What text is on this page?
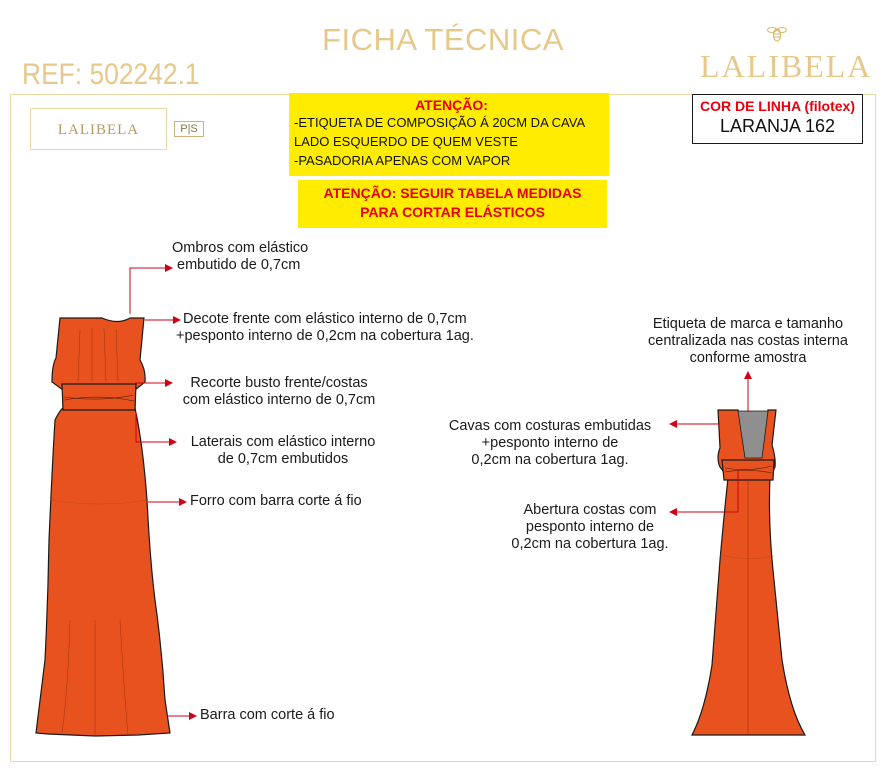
FICHA TÉCNICA
REF: 502242.1	LALIBELA
LALIBELA	P|S
ATENÇÃO:
-ETIQUETA DE COMPOSIÇÃO Á 20CM DA CAVA
LADO ESQUERDO DE QUEM VESTE
-PASADORIA APENAS COM VAPOR
ATENÇÃO: SEGUIR TABELA MEDIDAS
PARA CORTAR ELÁSTICOS
COR DE LINHA (filotex)
LARANJA 162
Ombros com elástico
embutido de 0,7cm
Decote frente com elástico interno de 0,7cm
+pesponto interno de 0,2cm na cobertura 1ag.
Recorte busto frente/costas
com elástico interno de 0,7cm
Laterais com elástico interno
de 0,7cm embutidos
Forro com barra corte á fio
Barra com corte á fio
Etiqueta de marca e tamanho
centralizada nas costas interna
conforme amostra
Cavas com costuras embutidas
+pesponto interno de
0,2cm na cobertura 1ag.
Abertura costas com
pesponto interno de
0,2cm na cobertura 1ag.
